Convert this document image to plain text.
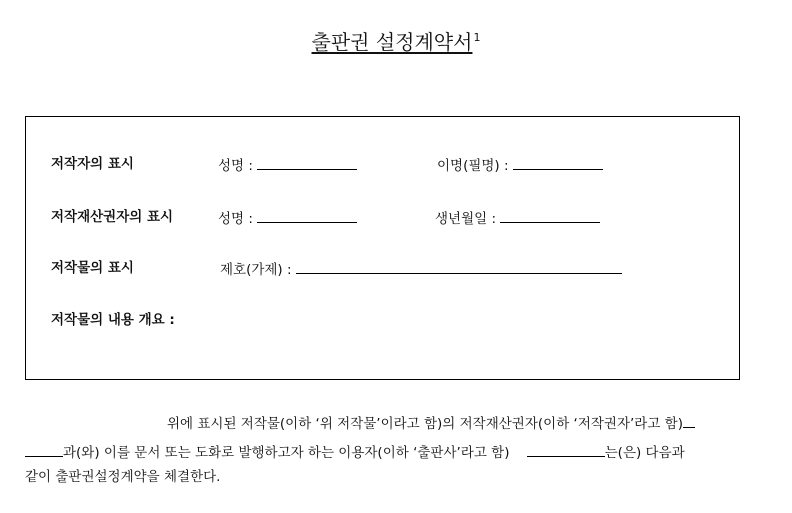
출판권 설정계약서$^1$
저작자의 표시	성명 :	이명(필명) :
저작재산권자의 표시	성명 :	생년월일 :
저작물의 표시	제호(가제) :
저작물의 내용 개요 :
위에 표시된 저작물(이하 ‘위 저작물’이라고 함)의 저작재산권자(이하 ‘저작권자’라고 함)
과(와) 이를 문서 또는 도화로 발행하고자 하는 이용자(이하 ‘출판사’라고 함)	는(은) 다음과
같이 출판권설정계약을 체결한다.
